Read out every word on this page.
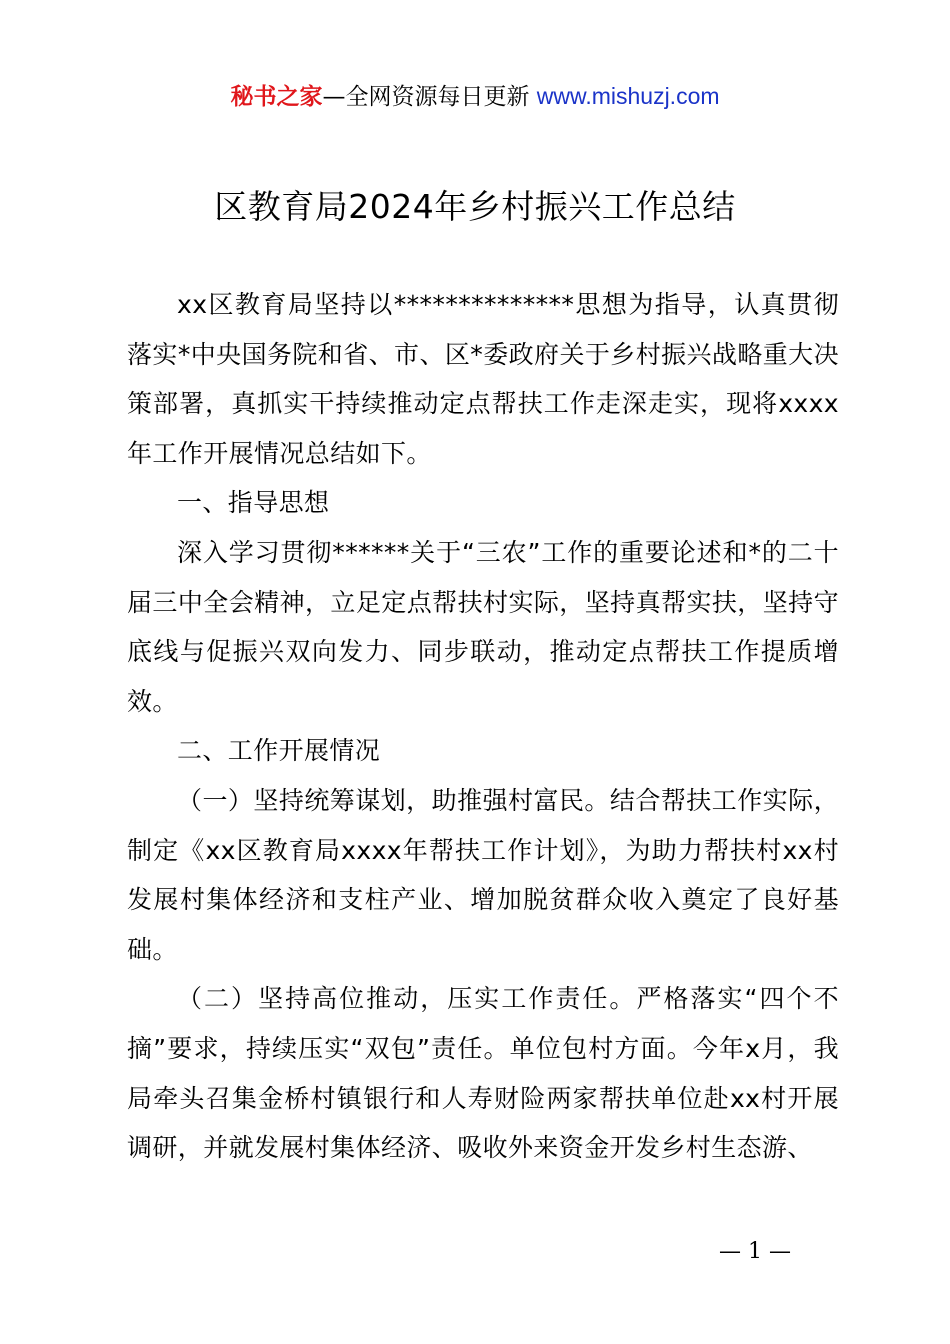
秘书之家—全网资源每日更新 www.mishuzj.com
区教育局2024年乡村振兴工作总结

xx区教育局坚持以**************思想为指导，认真贯彻落实*中央国务院和省、市、区*委政府关于乡村振兴战略重大决策部署，真抓实干持续推动定点帮扶工作走深走实，现将xxxx年工作开展情况总结如下。

一、指导思想

深入学习贯彻******关于“三农”工作的重要论述和*的二十届三中全会精神，立足定点帮扶村实际，坚持真帮实扶，坚持守底线与促振兴双向发力、同步联动，推动定点帮扶工作提质增效。

二、工作开展情况

（一）坚持统筹谋划，助推强村富民。结合帮扶工作实际，制定《xx区教育局xxxx年帮扶工作计划》，为助力帮扶村xx村发展村集体经济和支柱产业、增加脱贫群众收入奠定了良好基础。

（二）坚持高位推动，压实工作责任。严格落实“四个不摘”要求，持续压实“双包”责任。单位包村方面。今年x月，我局牵头召集金桥村镇银行和人寿财险两家帮扶单位赴xx村开展调研，并就发展村集体经济、吸收外来资金开发乡村生态游、

— 1 —
